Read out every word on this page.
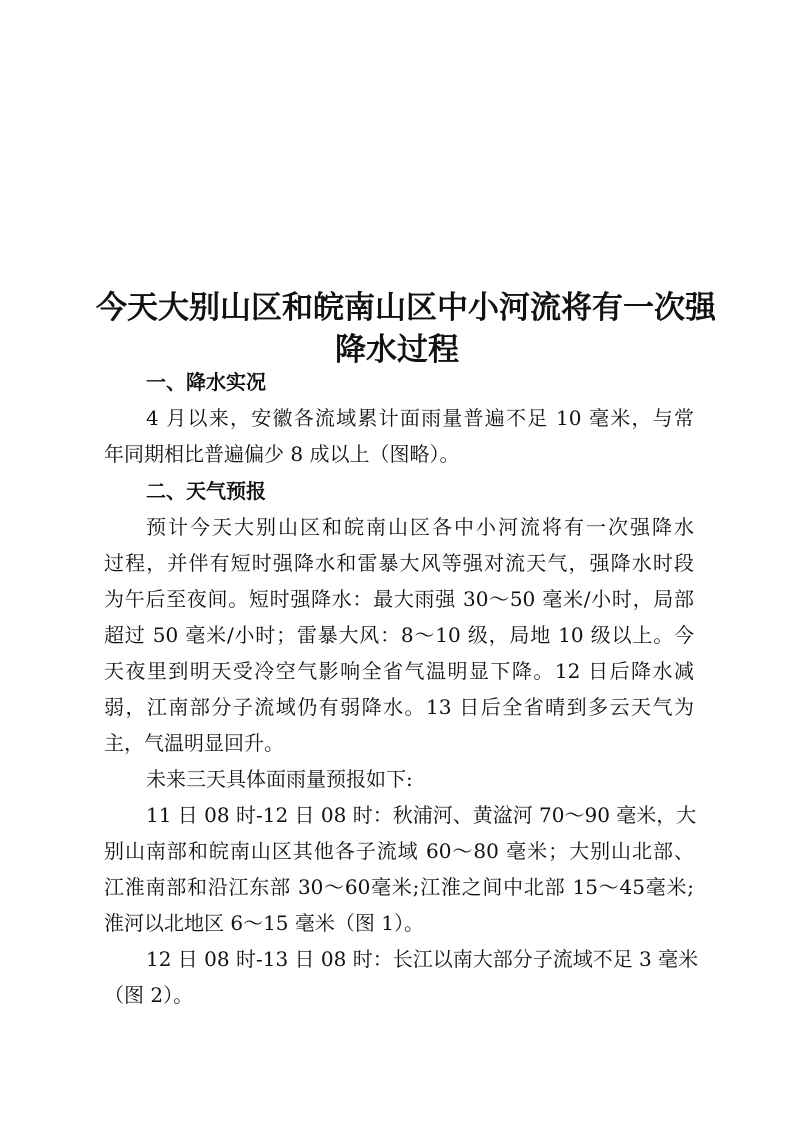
今天大别山区和皖南山区中小河流将有一次强
降水过程
一、降水实况

4 月以来，安徽各流域累计面雨量普遍不足 10 毫米，与常

年同期相比普遍偏少 8 成以上（图略）。

二、天气预报

预计今天大别山区和皖南山区各中小河流将有一次强降水

过程，并伴有短时强降水和雷暴大风等强对流天气，强降水时段

为午后至夜间。短时强降水：最大雨强 30～50 毫米/小时，局部

超过 50 毫米/小时；雷暴大风：8～10 级，局地 10 级以上。今

天夜里到明天受冷空气影响全省气温明显下降。12 日后降水减

弱，江南部分子流域仍有弱降水。13 日后全省晴到多云天气为

主，气温明显回升。

未来三天具体面雨量预报如下:

11 日 08 时-12 日 08 时：秋浦河、黄湓河 70～90 毫米，大

别山南部和皖南山区其他各子流域 60～80 毫米；大别山北部、

江淮南部和沿江东部 30～60毫米;江淮之间中北部 15～45毫米;

淮河以北地区 6～15 毫米（图 1）。

12 日 08 时-13 日 08 时：长江以南大部分子流域不足 3 毫米

（图 2）。
